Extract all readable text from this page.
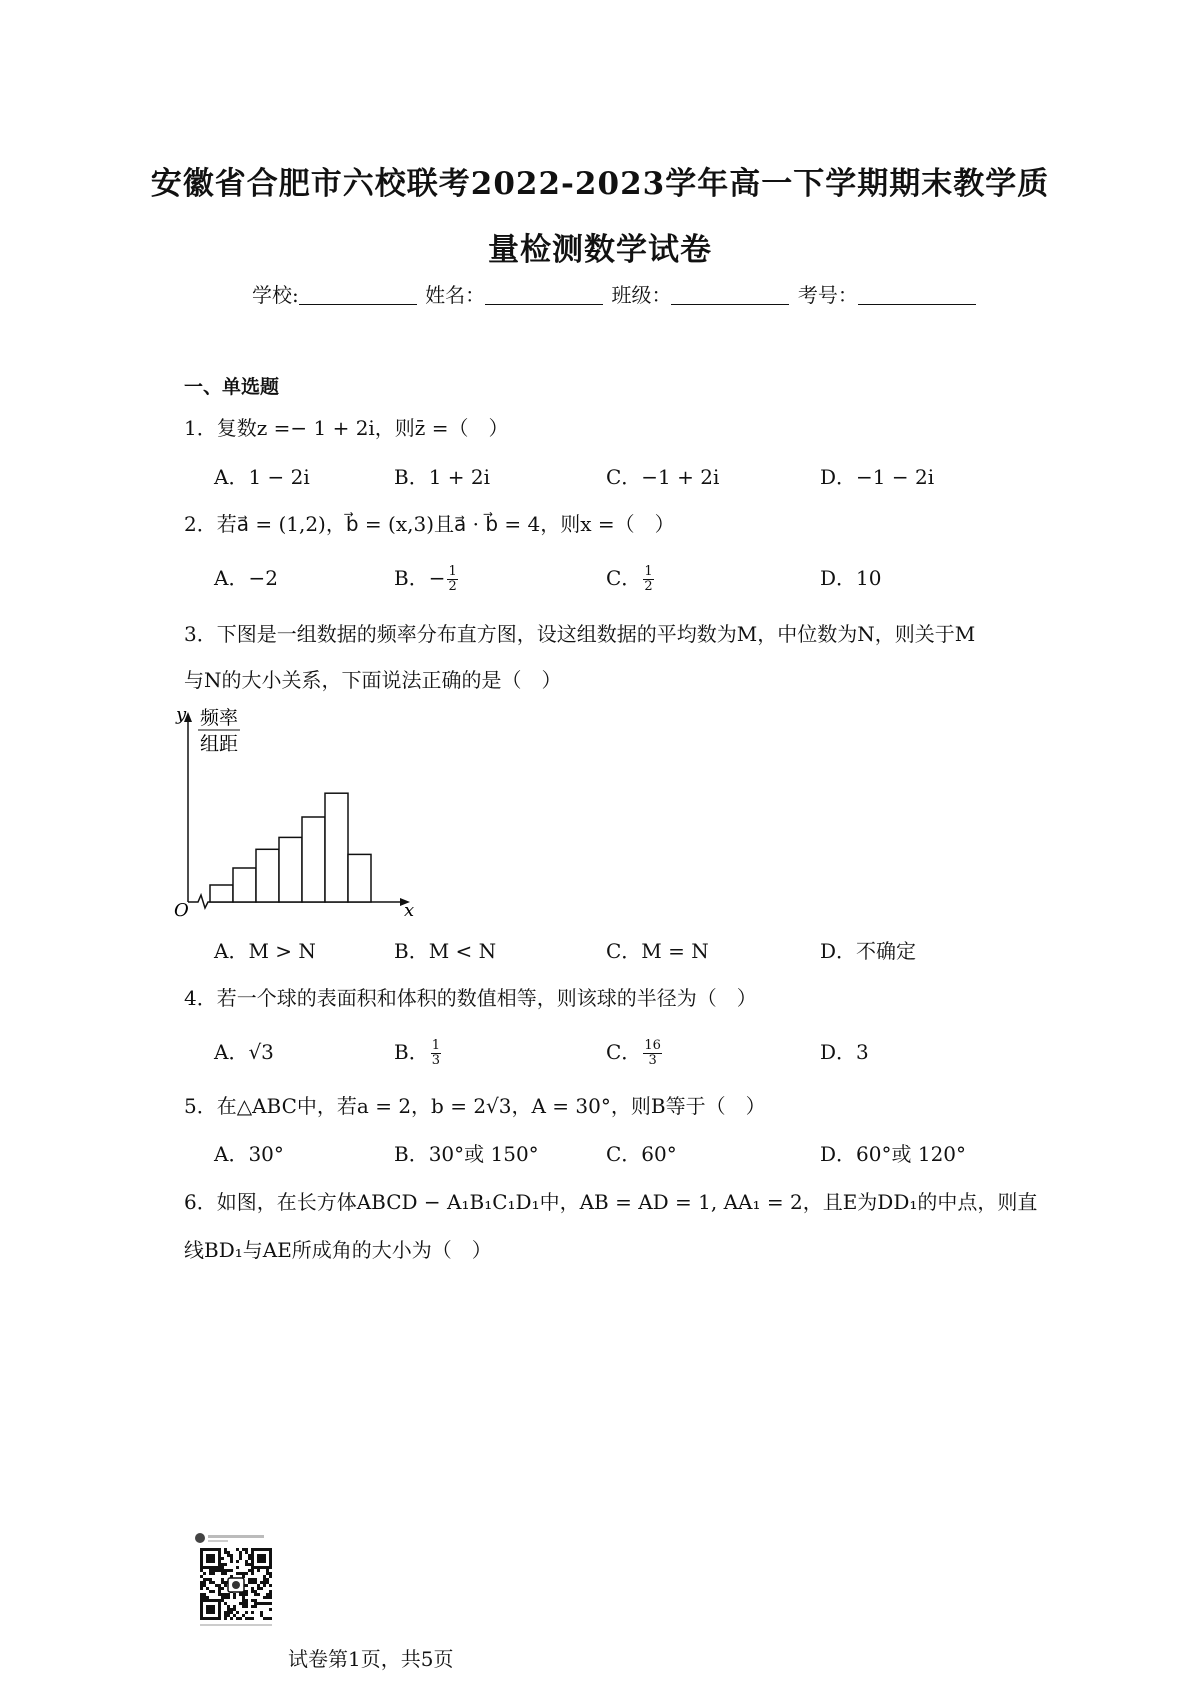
安徽省合肥市六校联考2022-2023学年高一下学期期末教学质
量检测数学试卷
学校:	姓名：	班级：	考号：
一、单选题
1．复数z =− 1 + 2i，则z̄ =（　）
A．1 − 2i	B．1 + 2i	C．−1 + 2i	D．−1 − 2i
2．若a⃗ = (1,2)，b⃗ = (x,3)且a⃗ · b⃗ = 4，则x =（　）
A．−2	B．− $\frac{1}{2}$	C． $\frac{1}{2}$	D．10
3．下图是一组数据的频率分布直方图，设这组数据的平均数为M，中位数为N，则关于M
与N的大小关系，下面说法正确的是（　）
y 频率
组距
O	x
A．M > N	B．M < N	C．M = N	D．不确定
4．若一个球的表面积和体积的数值相等，则该球的半径为（　）
A．√3	B． $\frac{1}{3}$	C． $\frac{16}{3}$	D．3
5．在△ABC中，若a = 2，b = 2√3，A = 30°，则B等于（　）
A．30°	B．30°或 150°	C．60°	D．60°或 120°
6．如图，在长方体ABCD − A₁B₁C₁D₁中，AB = AD = 1, AA₁ = 2，且E为DD₁的中点，则直
线BD₁与AE所成角的大小为（　）
试卷第1页，共5页
